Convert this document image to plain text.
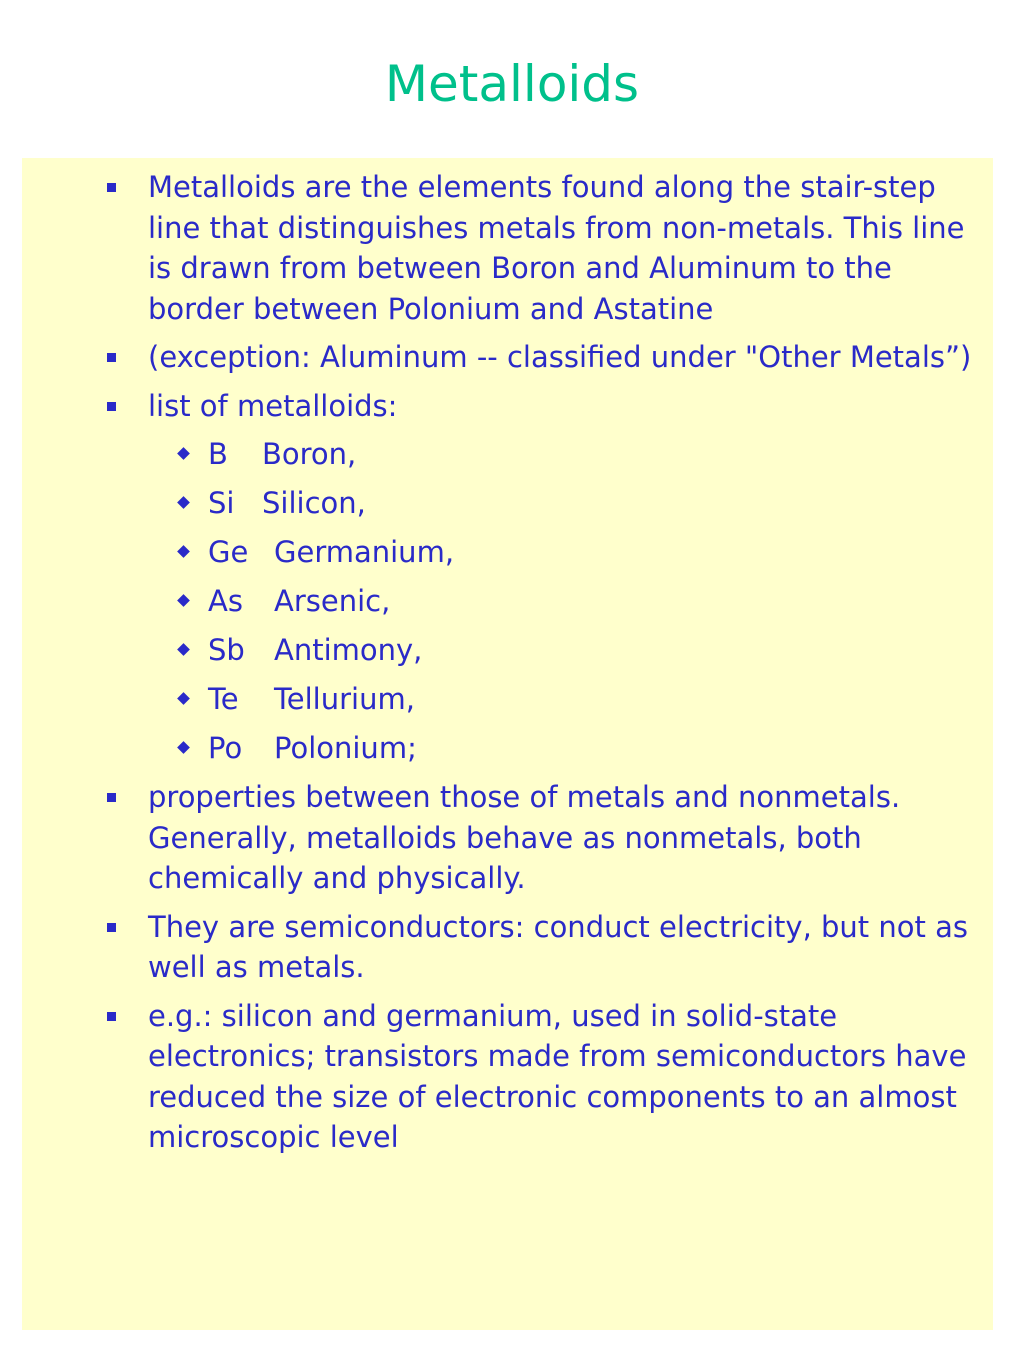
Metalloids
Metalloids are the elements found along the stair-step line that distinguishes metals from non-metals. This line is drawn from between Boron and Aluminum to the border between Polonium and Astatine
(exception: Aluminum -- classified under "Other Metals”)
list of metalloids:
B Boron,
Si Silicon,
Ge Germanium,
As Arsenic,
Sb Antimony,
Te Tellurium,
Po Polonium;
properties between those of metals and nonmetals. Generally, metalloids behave as nonmetals, both chemically and physically.
They are semiconductors: conduct electricity, but not as well as metals.
e.g.: silicon and germanium, used in solid-state electronics; transistors made from semiconductors have reduced the size of electronic components to an almost microscopic level
